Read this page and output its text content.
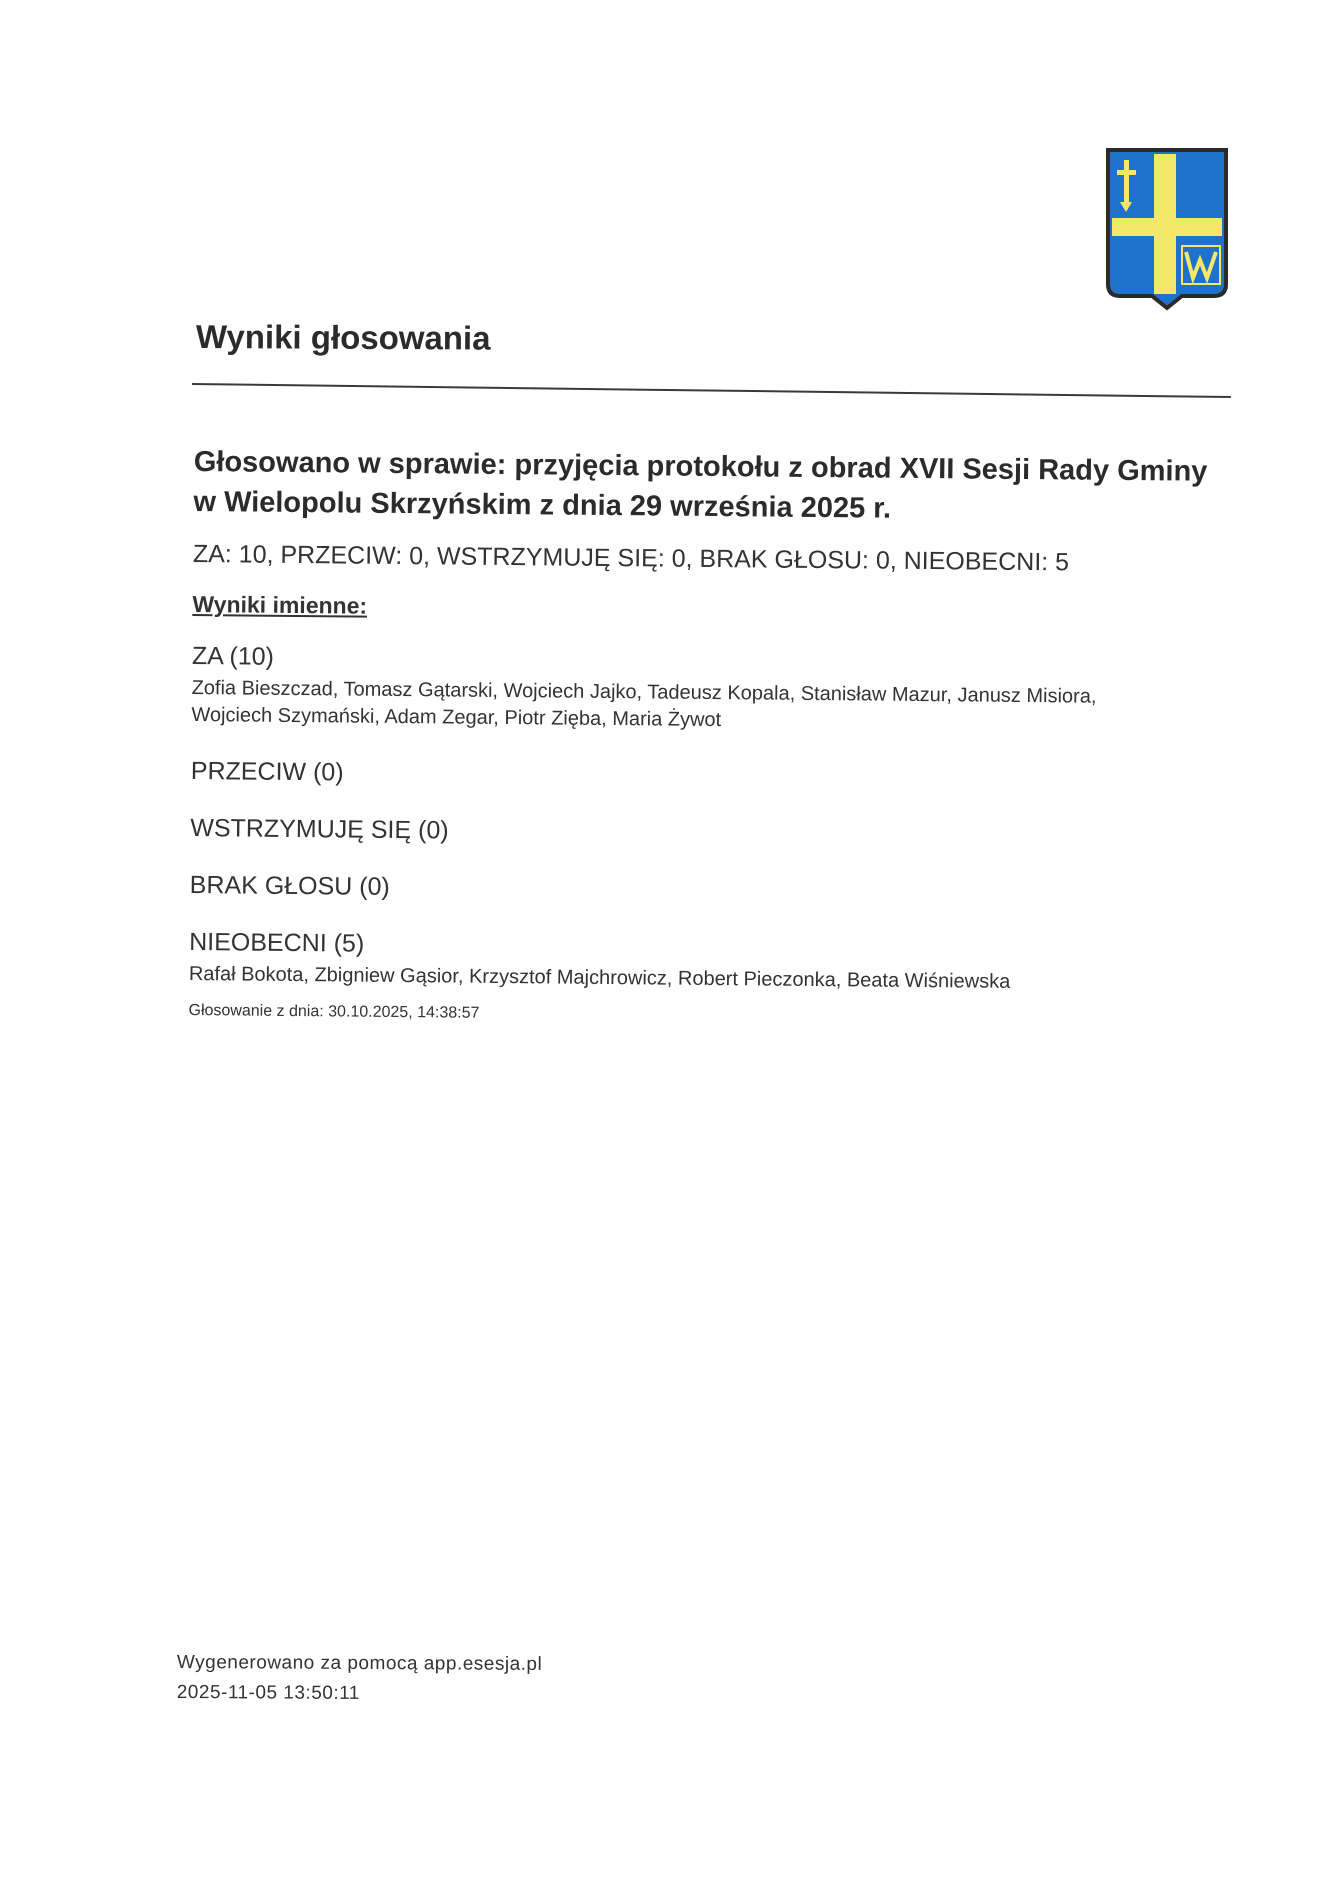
Wyniki głosowania

Głosowano w sprawie: przyjęcia protokołu z obrad XVII Sesji Rady Gminy
w Wielopolu Skrzyńskim z dnia 29 września 2025 r.

ZA: 10, PRZECIW: 0, WSTRZYMUJĘ SIĘ: 0, BRAK GŁOSU: 0, NIEOBECNI: 5
Wyniki imienne:
ZA (10)
Zofia Bieszczad, Tomasz Gątarski, Wojciech Jajko, Tadeusz Kopala, Stanisław Mazur, Janusz Misiora,
Wojciech Szymański, Adam Zegar, Piotr Zięba, Maria Żywot
PRZECIW (0)
WSTRZYMUJĘ SIĘ (0)
BRAK GŁOSU (0)
NIEOBECNI (5)
Rafał Bokota, Zbigniew Gąsior, Krzysztof Majchrowicz, Robert Pieczonka, Beata Wiśniewska
Głosowanie z dnia: 30.10.2025, 14:38:57
Wygenerowano za pomocą app.esesja.pl
2025-11-05 13:50:11
